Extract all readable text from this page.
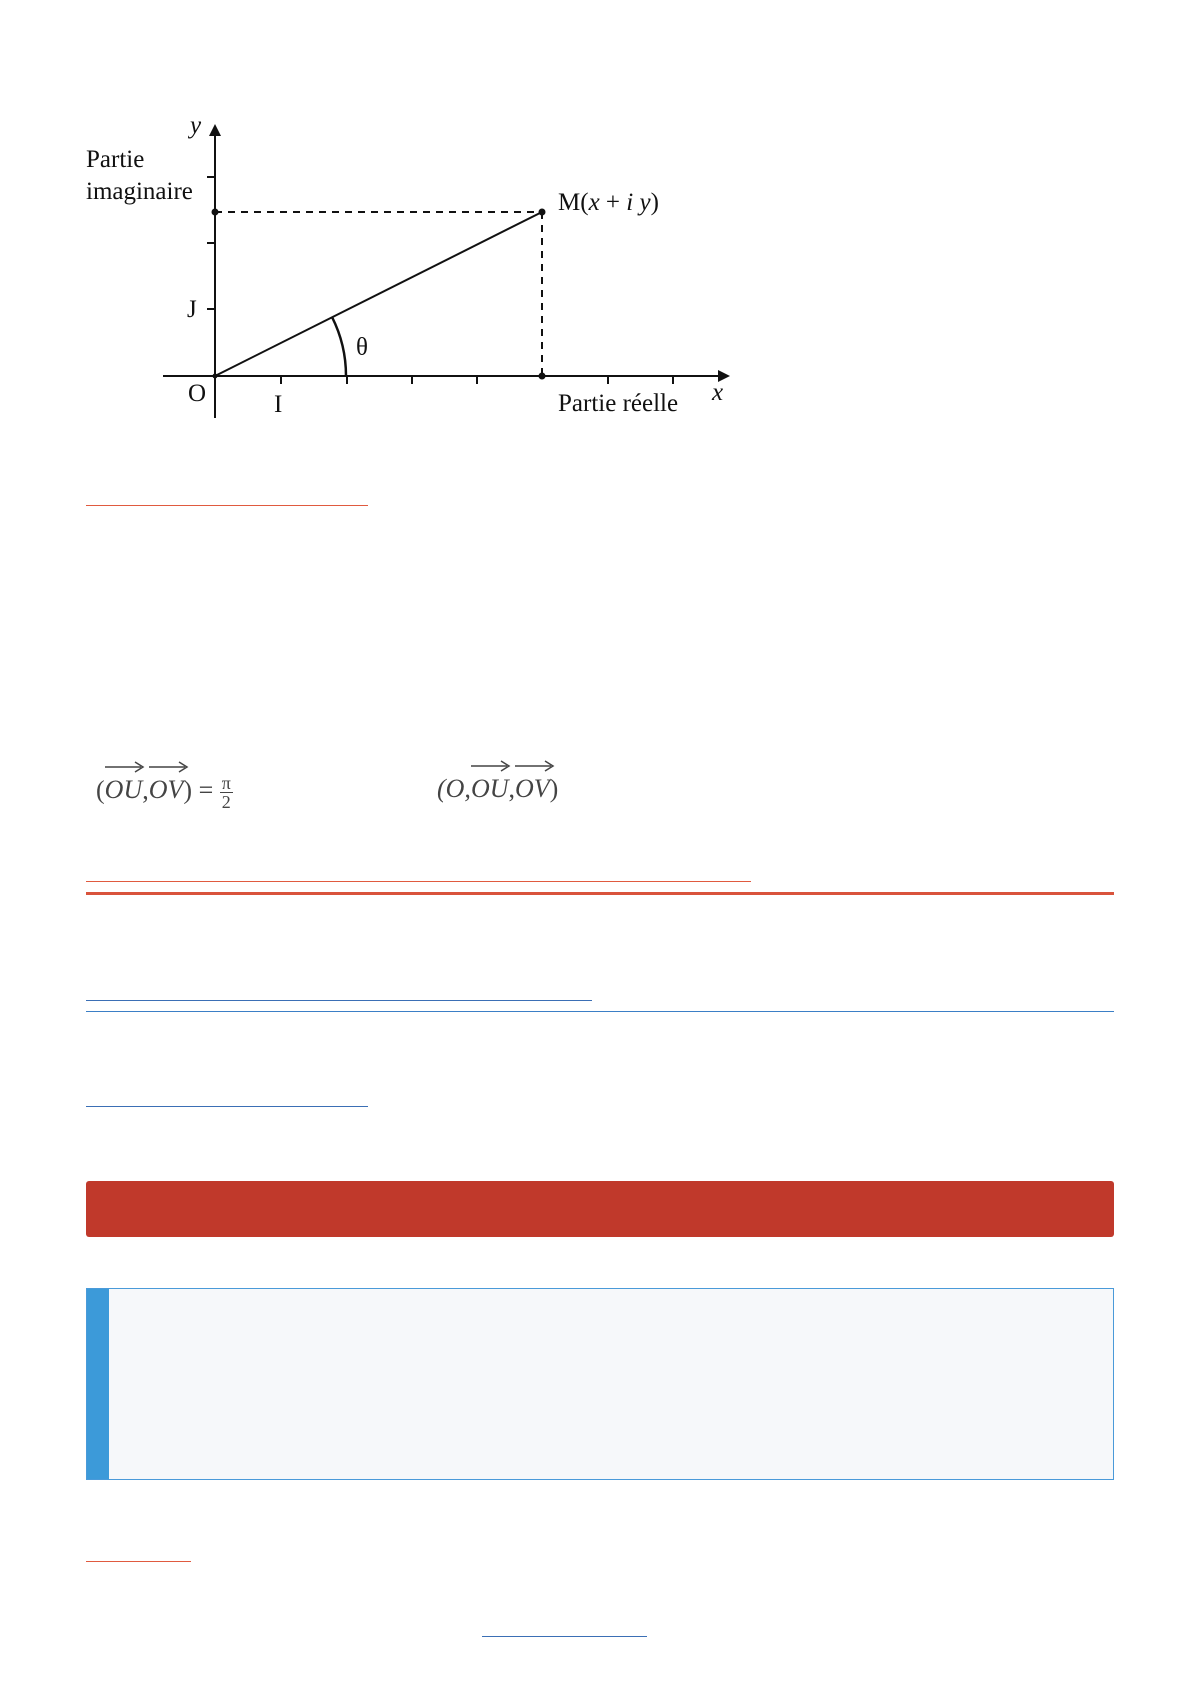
y
x
Partie
imaginaire
Partie réelle
O	I
J
θ
M(x + i y)
(
OU,
$OV) = \frac{\pi}{2}$	(O,
OU,
OV)
